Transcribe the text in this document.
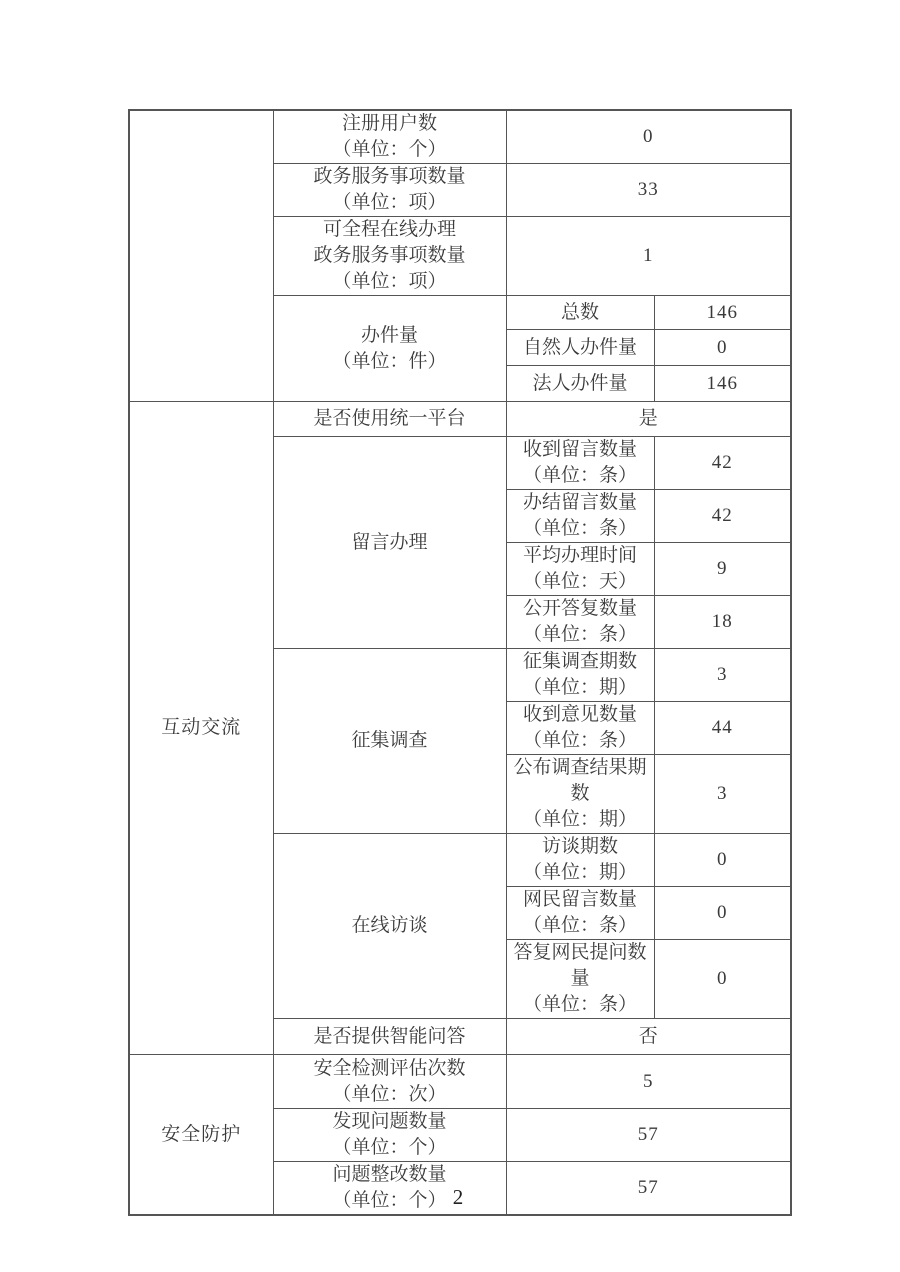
	注册用户数
（单位：个）	0	

	政务服务事项数量
（单位：项）	33	

	可全程在线办理
政务服务事项数量
（单位：项）	1	

	办件量
（单位：件）	总数	146
		自然人办件量	0
		法人办件量	146
互动交流	是否使用统一平台	是	
	留言办理	收到留言数量
（单位：条）	42

		办结留言数量
（单位：条）	42

		平均办理时间
（单位：天）	9

		公开答复数量
（单位：条）	18
	征集调查	征集调查期数
（单位：期）	3

		收到意见数量
（单位：条）	44

		公布调查结果期数
（单位：期）	3
	在线访谈	访谈期数
（单位：期）	0

		网民留言数量
（单位：条）	0

		答复网民提问数量
（单位：条）	0
	是否提供智能问答	否	
安全防护	安全检测评估次数
（单位：次）	5	

	发现问题数量
（单位：个）	57	

	问题整改数量
（单位：个）	57	
2
